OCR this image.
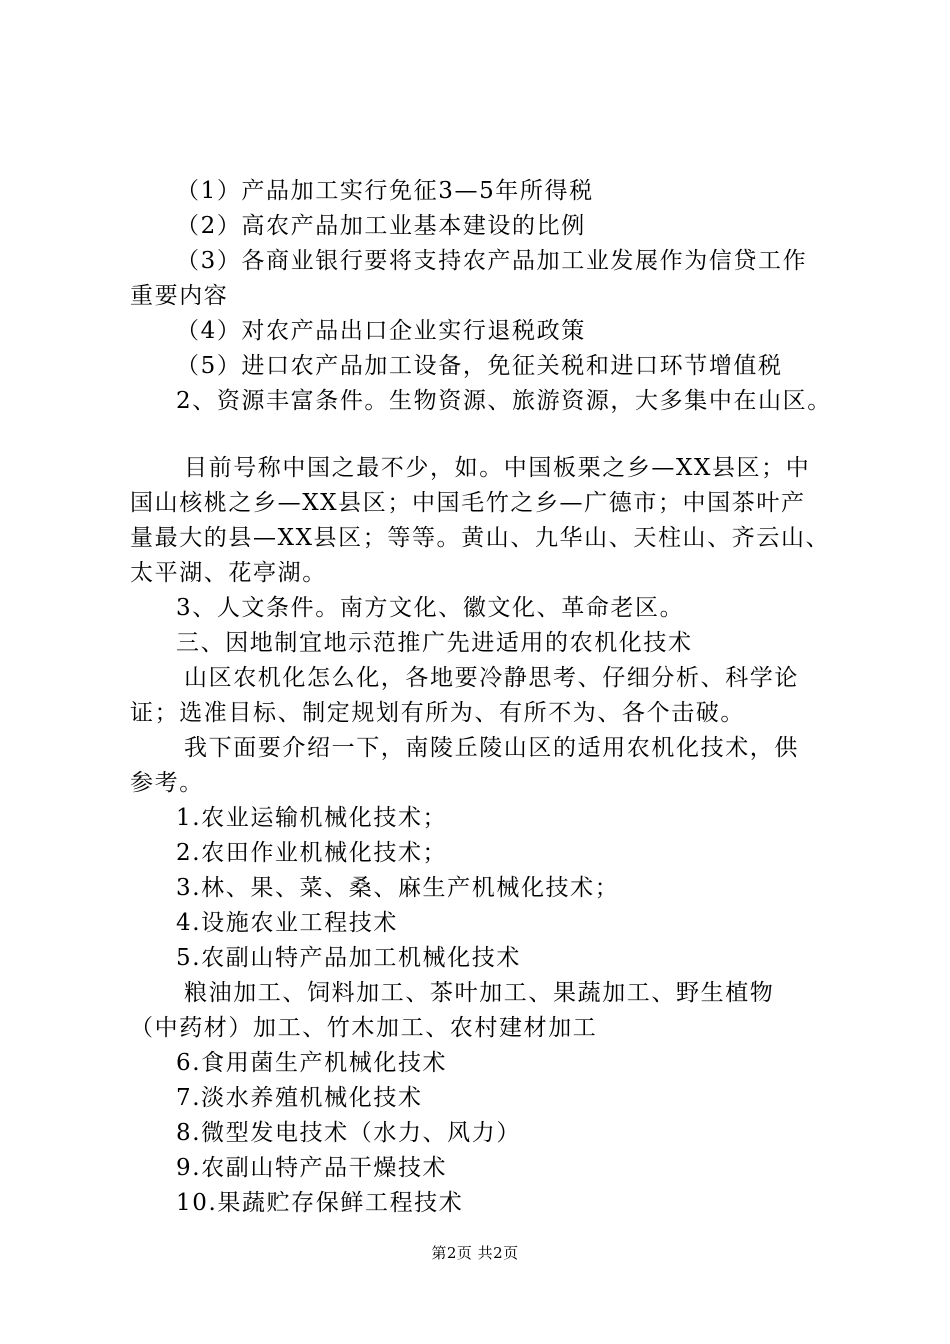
（1）产品加工实行免征3—5年所得税
（2）高农产品加工业基本建设的比例
（3）各商业银行要将支持农产品加工业发展作为信贷工作
重要内容
（4）对农产品出口企业实行退税政策
（5）进口农产品加工设备，免征关税和进口环节增值税
2、资源丰富条件。生物资源、旅游资源，大多集中在山区。
目前号称中国之最不少，如。中国板栗之乡—XX县区；中
国山核桃之乡—XX县区；中国毛竹之乡—广德市；中国茶叶产
量最大的县—XX县区；等等。黄山、九华山、天柱山、齐云山、
太平湖、花亭湖。
3、人文条件。南方文化、徽文化、革命老区。
三、因地制宜地示范推广先进适用的农机化技术
山区农机化怎么化，各地要冷静思考、仔细分析、科学论
证；选准目标、制定规划有所为、有所不为、各个击破。
我下面要介绍一下，南陵丘陵山区的适用农机化技术，供
参考。
1.农业运输机械化技术；
2.农田作业机械化技术；
3.林、果、菜、桑、麻生产机械化技术；
4.设施农业工程技术
5.农副山特产品加工机械化技术
粮油加工、饲料加工、茶叶加工、果蔬加工、野生植物
（中药材）加工、竹木加工、农村建材加工
6.食用菌生产机械化技术
7.淡水养殖机械化技术
8.微型发电技术（水力、风力）
9.农副山特产品干燥技术
10.果蔬贮存保鲜工程技术
第2页 共2页
